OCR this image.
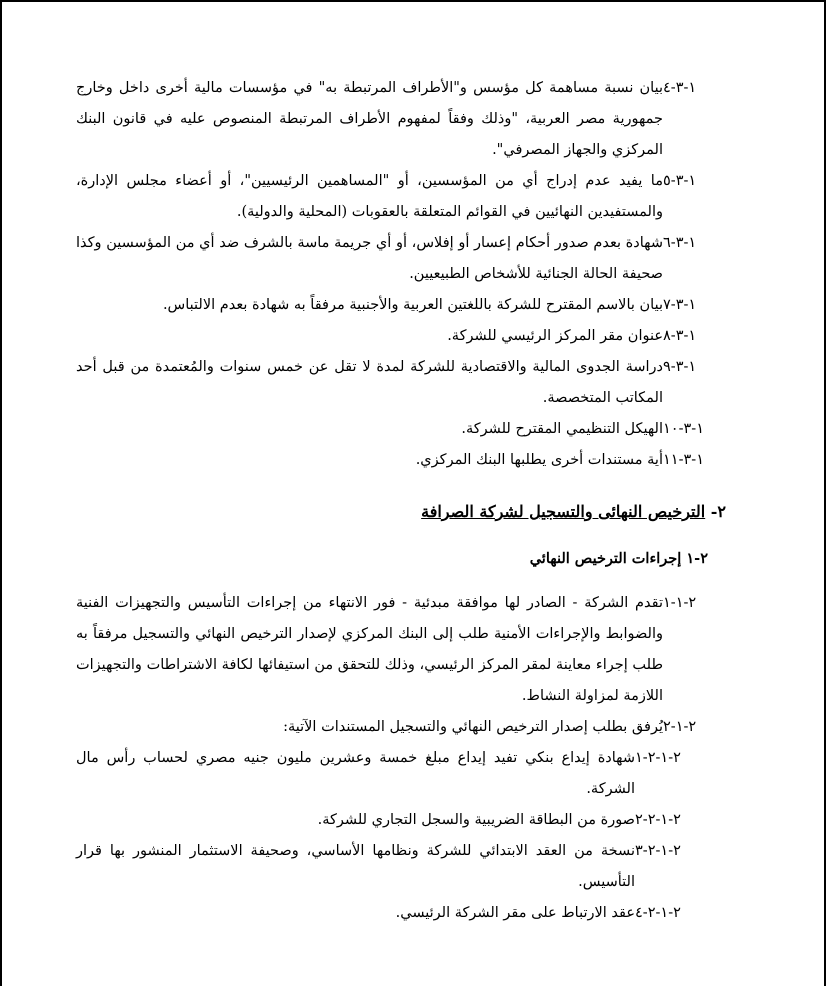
١-٣-٤
بيان نسبة مساهمة كل مؤسس و"الأطراف المرتبطة به" في مؤسسات مالية أخرى داخل وخارج جمهورية مصر العربية، "وذلك وفقاً لمفهوم الأطراف المرتبطة المنصوص عليه في قانون البنك المركزي والجهاز المصرفي".
١-٣-٥
ما يفيد عدم إدراج أي من المؤسسين، أو "المساهمين الرئيسيين"، أو أعضاء مجلس الإدارة، والمستفيدين النهائيين في القوائم المتعلقة بالعقوبات (المحلية والدولية).
١-٣-٦
شهادة بعدم صدور أحكام إعسار أو إفلاس، أو أي جريمة ماسة بالشرف ضد أي من المؤسسين وكذا صحيفة الحالة الجنائية للأشخاص الطبيعيين.
١-٣-٧
بيان بالاسم المقترح للشركة باللغتين العربية والأجنبية مرفقاً به شهادة بعدم الالتباس.
١-٣-٨
عنوان مقر المركز الرئيسي للشركة.
١-٣-٩
دراسة الجدوى المالية والاقتصادية للشركة لمدة لا تقل عن خمس سنوات والمُعتمدة من قبل أحد المكاتب المتخصصة.
١-٣-١٠
الهيكل التنظيمي المقترح للشركة.
١-٣-١١
أية مستندات أخرى يطلبها البنك المركزي.
٢- الترخيص النهائى والتسجيل لشركة الصرافة
٢-١ إجراءات الترخيص النهائي
٢-١-١
تقدم الشركة - الصادر لها موافقة مبدئية - فور الانتهاء من إجراءات التأسيس والتجهيزات الفنية والضوابط والإجراءات الأمنية طلب إلى البنك المركزي لإصدار الترخيص النهائي والتسجيل مرفقاً به طلب إجراء معاينة لمقر المركز الرئيسي، وذلك للتحقق من استيفائها لكافة الاشتراطات والتجهيزات اللازمة لمزاولة النشاط.
٢-١-٢
يُرفق بطلب إصدار الترخيص النهائي والتسجيل المستندات الآتية:
٢-١-٢-١
شهادة إيداع بنكي تفيد إيداع مبلغ خمسة وعشرين مليون جنيه مصري لحساب رأس مال الشركة.
٢-١-٢-٢
صورة من البطاقة الضريبية والسجل التجاري للشركة.
٢-١-٢-٣
نسخة من العقد الابتدائي للشركة ونظامها الأساسي، وصحيفة الاستثمار المنشور بها قرار التأسيس.
٢-١-٢-٤
عقد الارتباط على مقر الشركة الرئيسي.
